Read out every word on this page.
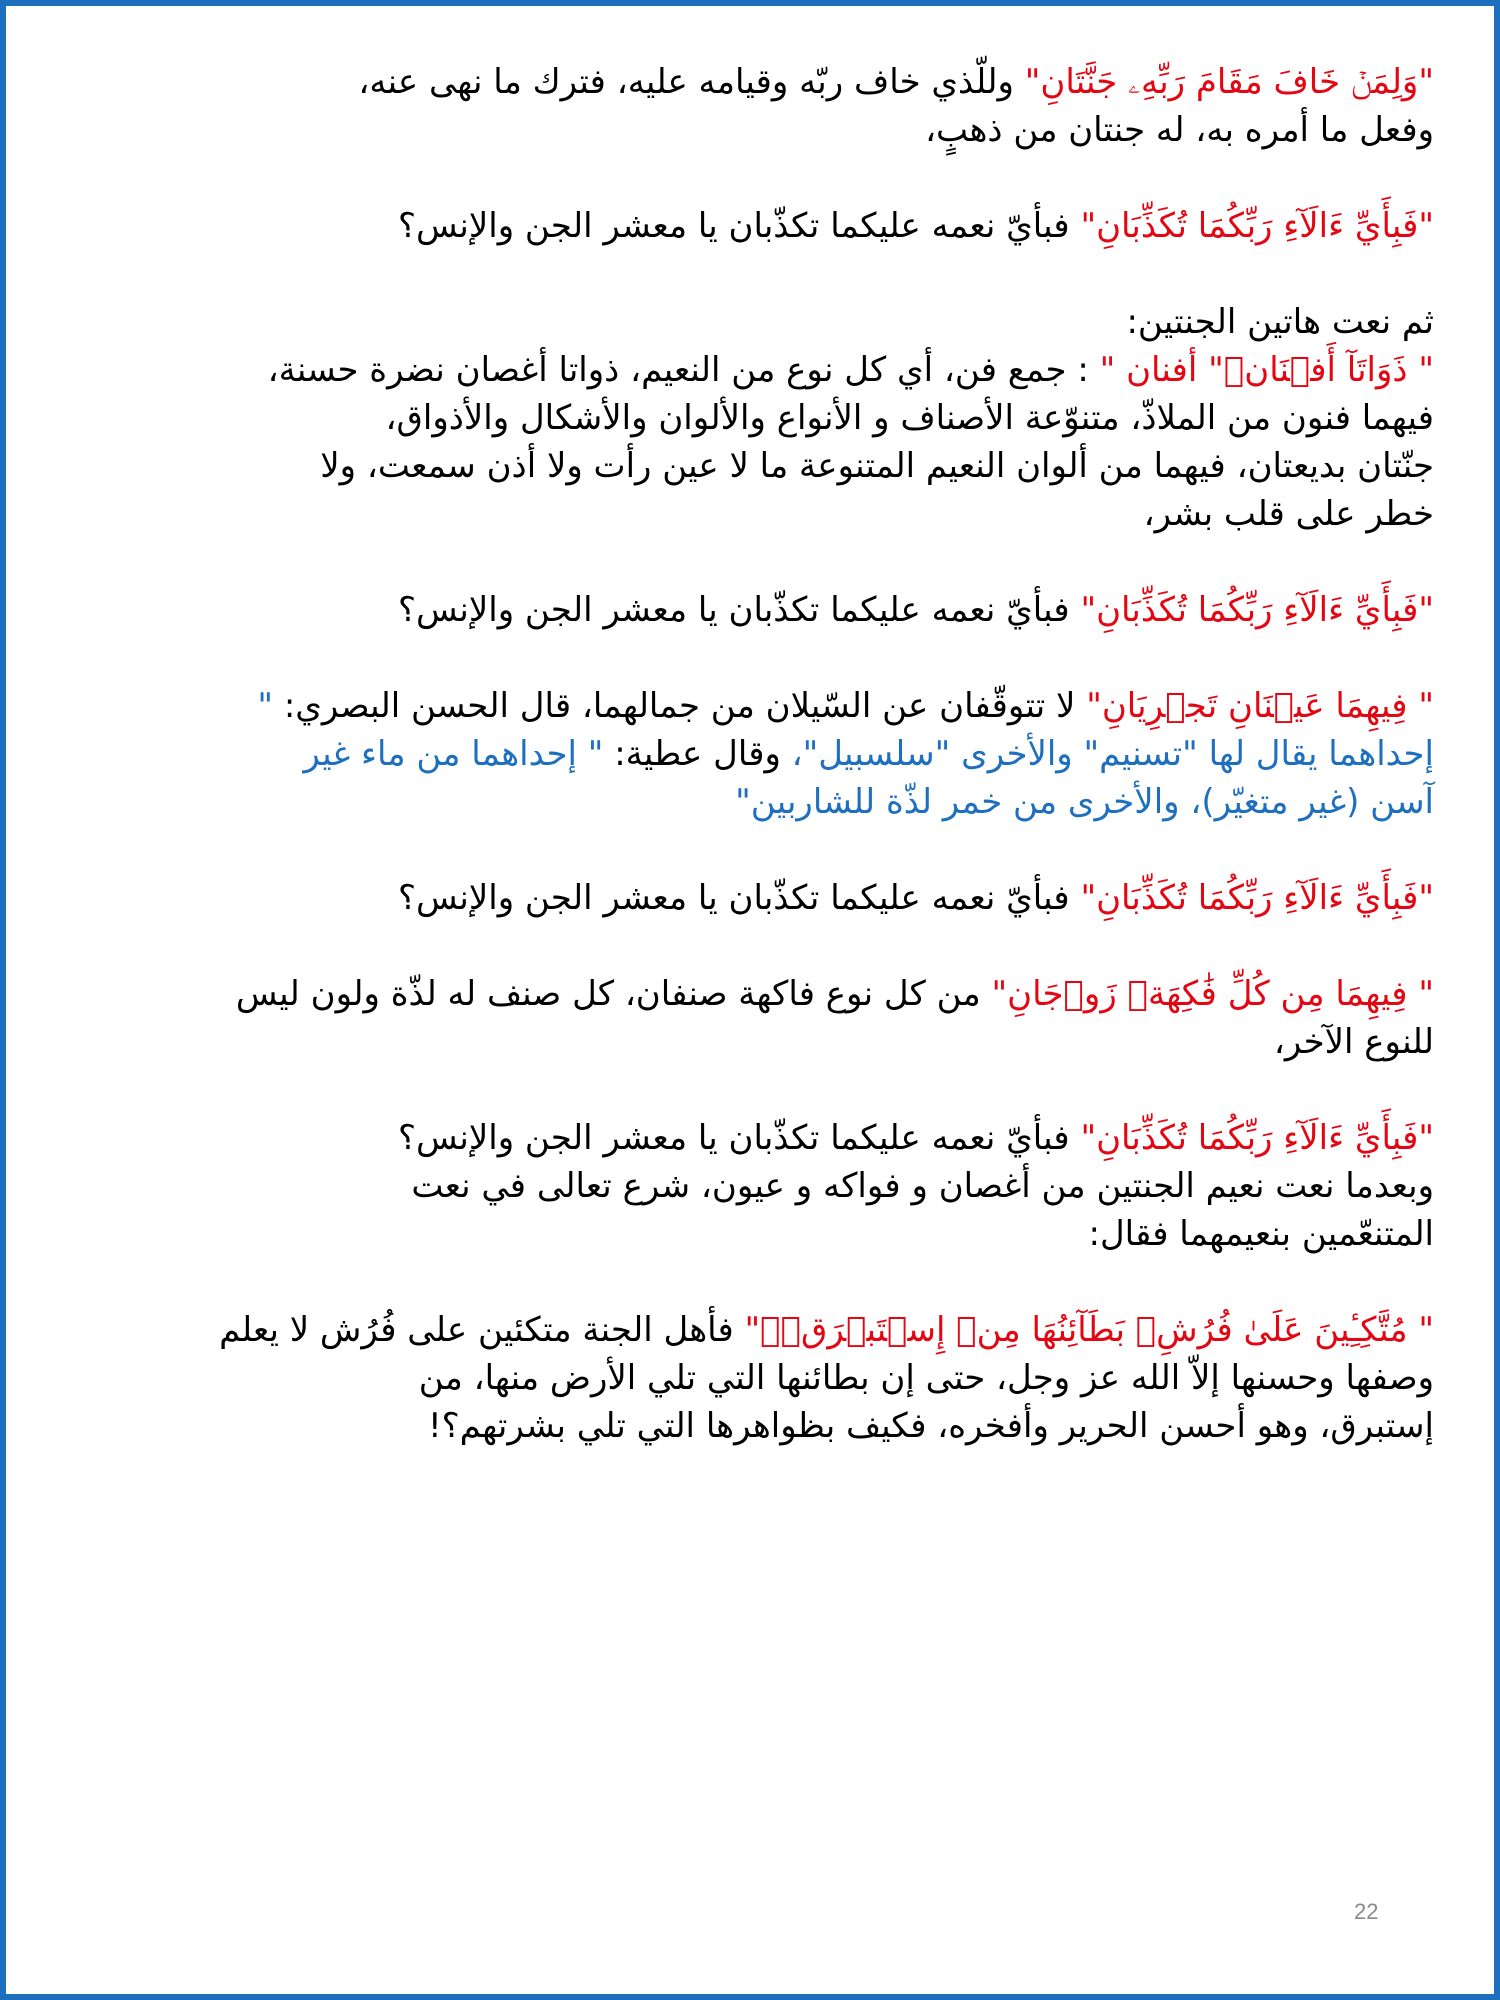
"وَلِمَنۡ خَافَ مَقَامَ رَبِّهِۦ جَنَّتَانِ" وللّذي خاف ربّه وقيامه عليه، فترك ما نهى عنه،
وفعل ما أمره به، له جنتان من ذهبٍ،

"فَبِأَيِّ ءَالَآءِ رَبِّكُمَا تُكَذِّبَانِ" فبأيّ نعمه عليكما تكذّبان يا معشر الجن والإنس؟

ثم نعت هاتين الجنتين:
" ذَوَاتَآ أَفۡنَانٖ" أفنان " : جمع فن، أي كل نوع من النعيم، ذواتا أغصان نضرة حسنة،
فيهما فنون من الملاذّ، متنوّعة الأصناف و الأنواع والألوان والأشكال والأذواق،
جنّتان بديعتان، فيهما من ألوان النعيم المتنوعة ما لا عين رأت ولا أذن سمعت، ولا
خطر على قلب بشر،

"فَبِأَيِّ ءَالَآءِ رَبِّكُمَا تُكَذِّبَانِ" فبأيّ نعمه عليكما تكذّبان يا معشر الجن والإنس؟

" فِيهِمَا عَيۡنَانِ تَجۡرِيَانِ" لا تتوقّفان عن السّيلان من جمالهما، قال الحسن البصري: "
إحداهما يقال لها "تسنيم" والأخرى "سلسبيل"، وقال عطية: " إحداهما من ماء غير
آسن (غير متغيّر)، والأخرى من خمر لذّة للشاربين"

"فَبِأَيِّ ءَالَآءِ رَبِّكُمَا تُكَذِّبَانِ" فبأيّ نعمه عليكما تكذّبان يا معشر الجن والإنس؟

" فِيهِمَا مِن كُلِّ فَٰكِهَةٖ زَوۡجَانِ" من كل نوع فاكهة صنفان، كل صنف له لذّة ولون ليس
للنوع الآخر،

"فَبِأَيِّ ءَالَآءِ رَبِّكُمَا تُكَذِّبَانِ" فبأيّ نعمه عليكما تكذّبان يا معشر الجن والإنس؟
وبعدما نعت نعيم الجنتين من أغصان و فواكه و عيون، شرع تعالى في نعت
المتنعّمين بنعيمهما فقال:

" مُتَّكِـِٔينَ عَلَىٰ فُرُشِۭ بَطَآئِنُهَا مِنۡ إِسۡتَبۡرَقٖۚ" فأهل الجنة متكئين على فُرُش لا يعلم
وصفها وحسنها إلاّ الله عز وجل، حتى إن بطائنها التي تلي الأرض منها، من
إستبرق، وهو أحسن الحرير وأفخره، فكيف بظواهرها التي تلي بشرتهم؟!

22
